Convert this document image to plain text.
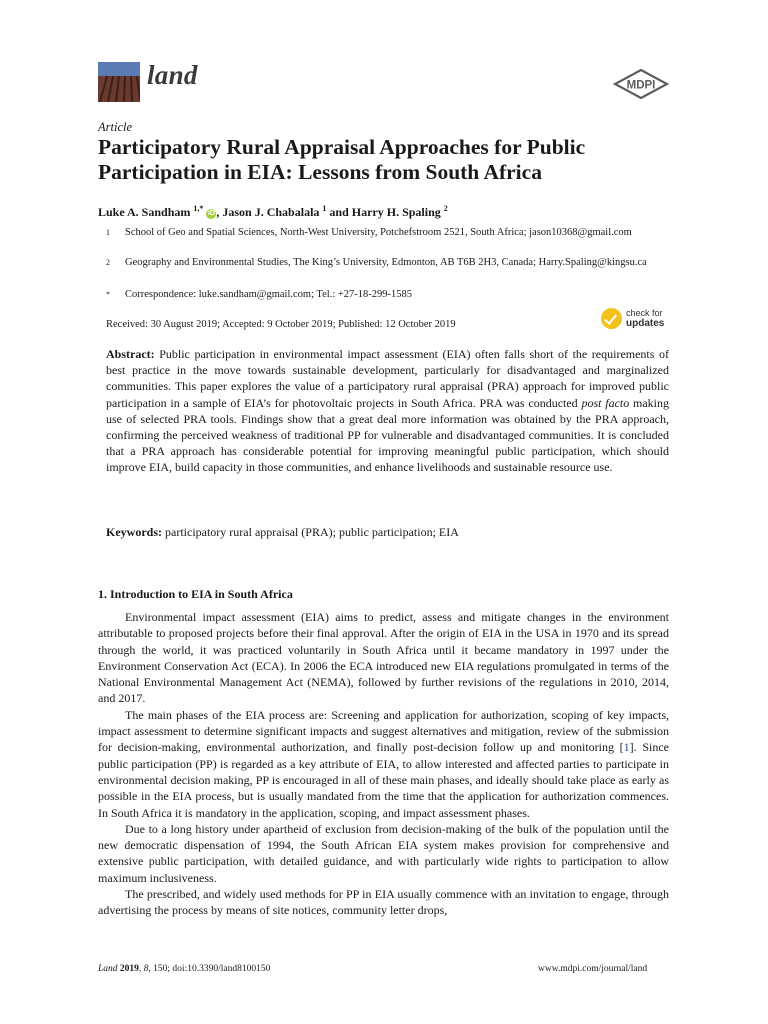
land	MDPI
Article
Participatory Rural Appraisal Approaches for Public Participation in EIA: Lessons from South Africa
Luke A. Sandham $^{1,*}$ iD , Jason J. Chabalala $^1$ and Harry H. Spaling $^2$
1 School of Geo and Spatial Sciences, North-West University, Potchefstroom 2521, South Africa; jason10368@gmail.com
2 Geography and Environmental Studies, The King’s University, Edmonton, AB T6B 2H3, Canada; Harry.Spaling@kingsu.ca
* Correspondence: luke.sandham@gmail.com; Tel.: +27-18-299-1585
Received: 30 August 2019; Accepted: 9 October 2019; Published: 12 October 2019
check for
updates

Abstract: Public participation in environmental impact assessment (EIA) often falls short of the requirements of best practice in the move towards sustainable development, particularly for disadvantaged and marginalized communities. This paper explores the value of a participatory rural appraisal (PRA) approach for improved public participation in a sample of EIA’s for photovoltaic projects in South Africa. PRA was conducted post facto making use of selected PRA tools. Findings show that a great deal more information was obtained by the PRA approach, confirming the perceived weakness of traditional PP for vulnerable and disadvantaged communities. It is concluded that a PRA approach has considerable potential for improving meaningful public participation, which should improve EIA, build capacity in those communities, and enhance livelihoods and sustainable resource use.

Keywords: participatory rural appraisal (PRA); public participation; EIA
1. Introduction to EIA in South Africa

Environmental impact assessment (EIA) aims to predict, assess and mitigate changes in the environment attributable to proposed projects before their final approval. After the origin of EIA in the USA in 1970 and its spread through the world, it was practiced voluntarily in South Africa until it became mandatory in 1997 under the Environment Conservation Act (ECA). In 2006 the ECA introduced new EIA regulations promulgated in terms of the National Environmental Management Act (NEMA), followed by further revisions of the regulations in 2010, 2014, and 2017.

The main phases of the EIA process are: Screening and application for authorization, scoping of key impacts, impact assessment to determine significant impacts and suggest alternatives and mitigation, review of the submission for decision-making, environmental authorization, and finally post-decision follow up and monitoring [1]. Since public participation (PP) is regarded as a key attribute of EIA, to allow interested and affected parties to participate in environmental decision making, PP is encouraged in all of these main phases, and ideally should take place as early as possible in the EIA process, but is usually mandated from the time that the application for authorization commences. In South Africa it is mandatory in the application, scoping, and impact assessment phases.

Due to a long history under apartheid of exclusion from decision-making of the bulk of the population until the new democratic dispensation of 1994, the South African EIA system makes provision for comprehensive and extensive public participation, with detailed guidance, and with particularly wide rights to participation to allow maximum inclusiveness.

The prescribed, and widely used methods for PP in EIA usually commence with an invitation to engage, through advertising the process by means of site notices, community letter drops,

Land 2019, 8, 150; doi:10.3390/land8100150	www.mdpi.com/journal/land
